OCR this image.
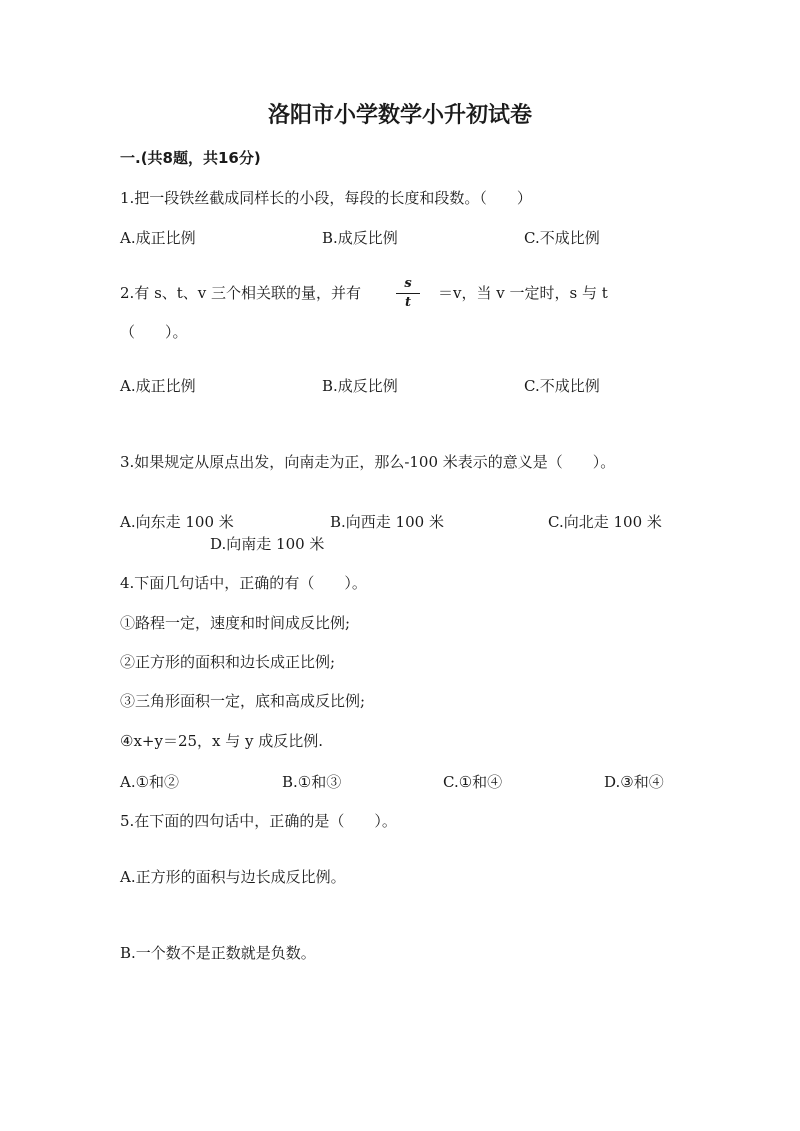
洛阳市小学数学小升初试卷
一.(共8题，共16分)
1.把一段铁丝截成同样长的小段，每段的长度和段数。（　　）
A.成正比例	B.成反比例	C.不成比例
2.有 s、t、v 三个相关联的量，并有	$\frac{s}{t} =v$，当 v 一定时，s 与 t
（　　）。
A.成正比例	B.成反比例	C.不成比例
3.如果规定从原点出发，向南走为正，那么-100 米表示的意义是（　　）。
A.向东走 100 米	B.向西走 100 米	C.向北走 100 米
D.向南走 100 米
4.下面几句话中，正确的有（　　）。
①路程一定，速度和时间成反比例;
②正方形的面积和边长成正比例;
③三角形面积一定，底和高成反比例;
④x+y＝25，x 与 y 成反比例.
A.①和②	B.①和③	C.①和④	D.③和④
5.在下面的四句话中，正确的是（　　）。
A.正方形的面积与边长成反比例。
B.一个数不是正数就是负数。
